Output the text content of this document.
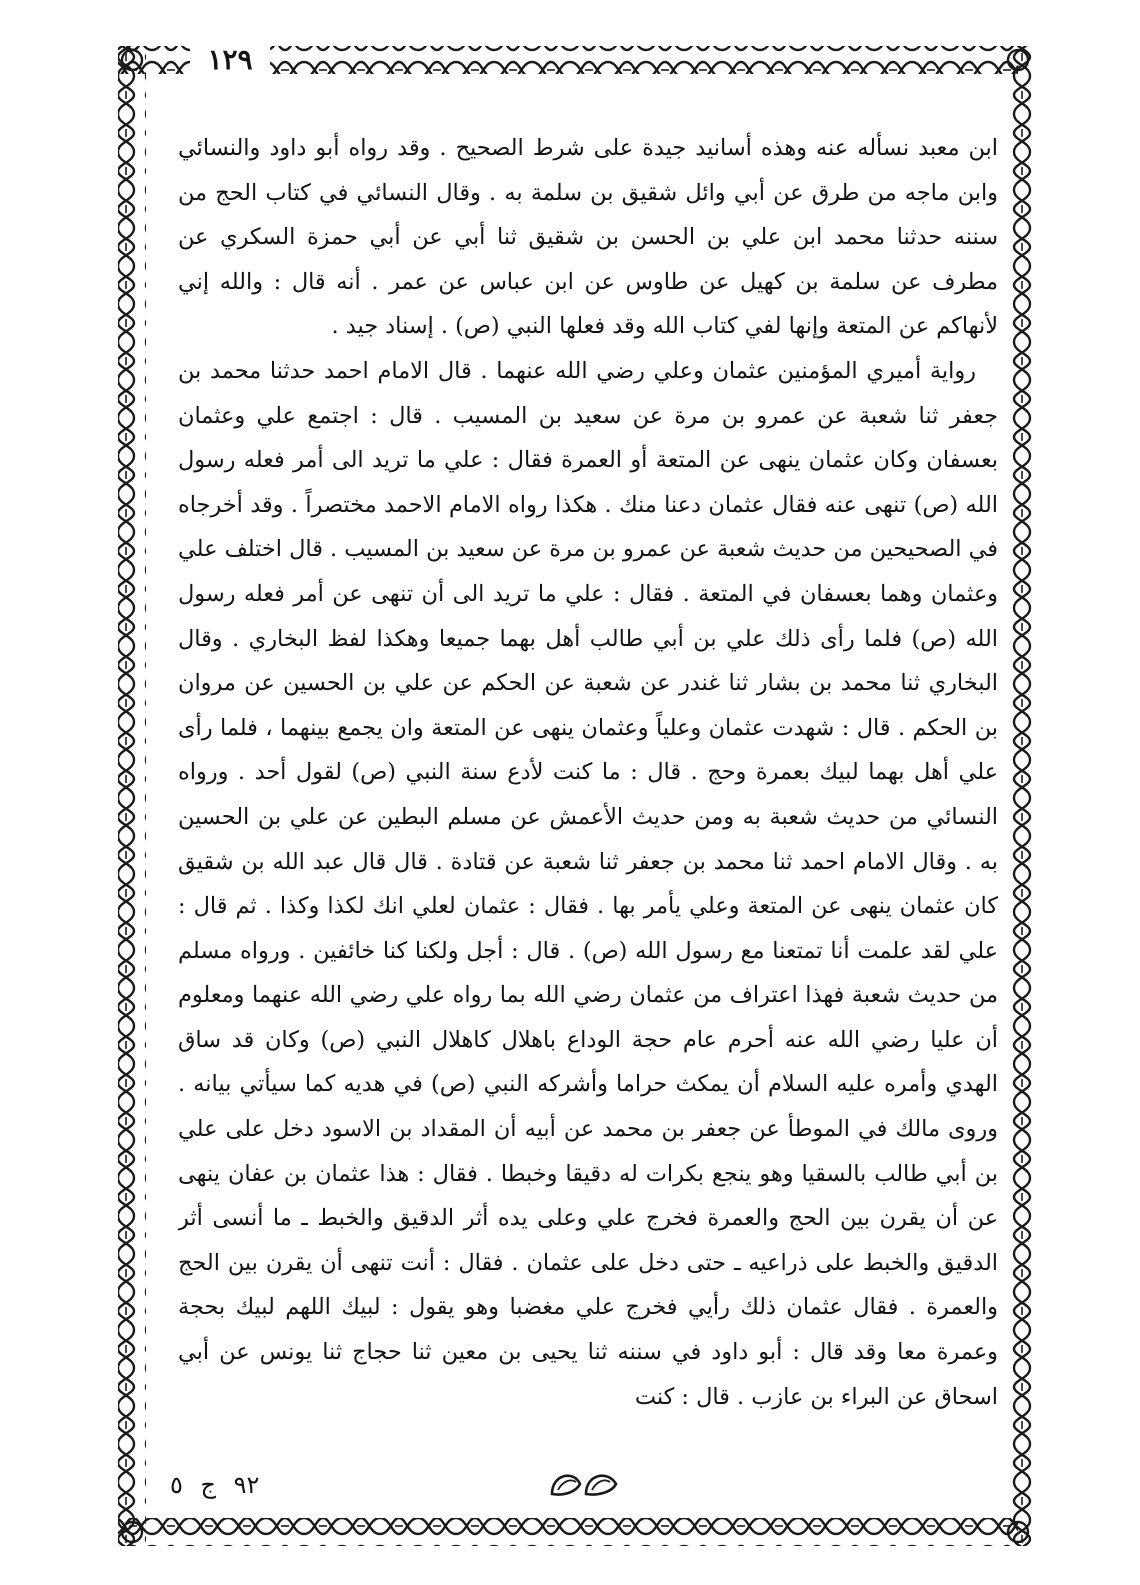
١٢٩

ابن معبد نسأله عنه وهذه أسانيد جيدة على شرط الصحيح . وقد رواه أبو داود والنسائي وابن ماجه من طرق عن أبي وائل شقيق بن سلمة به . وقال النسائي في كتاب الحج من سننه حدثنا محمد ابن علي بن الحسن بن شقيق ثنا أبي عن أبي حمزة السكري عن مطرف عن سلمة بن كهيل عن طاوس عن ابن عباس عن عمر . أنه قال : والله إني لأنهاكم عن المتعة وإنها لفي كتاب الله وقد فعلها النبي (ص) . إسناد جيد .

رواية أميري المؤمنين عثمان وعلي رضي الله عنهما . قال الامام احمد حدثنا محمد بن جعفر ثنا شعبة عن عمرو بن مرة عن سعيد بن المسيب . قال : اجتمع علي وعثمان بعسفان وكان عثمان ينهى عن المتعة أو العمرة فقال : علي ما تريد الى أمر فعله رسول الله (ص) تنهى عنه فقال عثمان دعنا منك . هكذا رواه الامام الاحمد مختصراً . وقد أخرجاه في الصحيحين من حديث شعبة عن عمرو بن مرة عن سعيد بن المسيب . قال اختلف علي وعثمان وهما بعسفان في المتعة . فقال : علي ما تريد الى أن تنهى عن أمر فعله رسول الله (ص) فلما رأى ذلك علي بن أبي طالب أهل بهما جميعا وهكذا لفظ البخاري . وقال البخاري ثنا محمد بن بشار ثنا غندر عن شعبة عن الحكم عن علي بن الحسين عن مروان بن الحكم . قال : شهدت عثمان وعلياً وعثمان ينهى عن المتعة وان يجمع بينهما ، فلما رأى علي أهل بهما لبيك بعمرة وحج . قال : ما كنت لأدع سنة النبي (ص) لقول أحد . ورواه النسائي من حديث شعبة به ومن حديث الأعمش عن مسلم البطين عن علي بن الحسين به . وقال الامام احمد ثنا محمد بن جعفر ثنا شعبة عن قتادة . قال قال عبد الله بن شقيق كان عثمان ينهى عن المتعة وعلي يأمر بها . فقال : عثمان لعلي انك لكذا وكذا . ثم قال : علي لقد علمت أنا تمتعنا مع رسول الله (ص) . قال : أجل ولكنا كنا خائفين . ورواه مسلم من حديث شعبة فهذا اعتراف من عثمان رضي الله بما رواه علي رضي الله عنهما ومعلوم أن عليا رضي الله عنه أحرم عام حجة الوداع باهلال كاهلال النبي (ص) وكان قد ساق الهدي وأمره عليه السلام أن يمكث حراما وأشركه النبي (ص) في هديه كما سيأتي بيانه . وروى مالك في الموطأ عن جعفر بن محمد عن أبيه أن المقداد بن الاسود دخل على علي بن أبي طالب بالسقيا وهو ينجع بكرات له دقيقا وخبطا . فقال : هذا عثمان بن عفان ينهى عن أن يقرن بين الحج والعمرة فخرج علي وعلى يده أثر الدقيق والخبط ـ ما أنسى أثر الدقيق والخبط على ذراعيه ـ حتى دخل على عثمان . فقال : أنت تنهى أن يقرن بين الحج والعمرة . فقال عثمان ذلك رأيي فخرج علي مغضبا وهو يقول : لبيك اللهم لبيك بحجة وعمرة معا وقد قال : أبو داود في سننه ثنا يحيى بن معين ثنا حجاج ثنا يونس عن أبي اسحاق عن البراء بن عازب . قال : كنت

٩٢ ج ٥
